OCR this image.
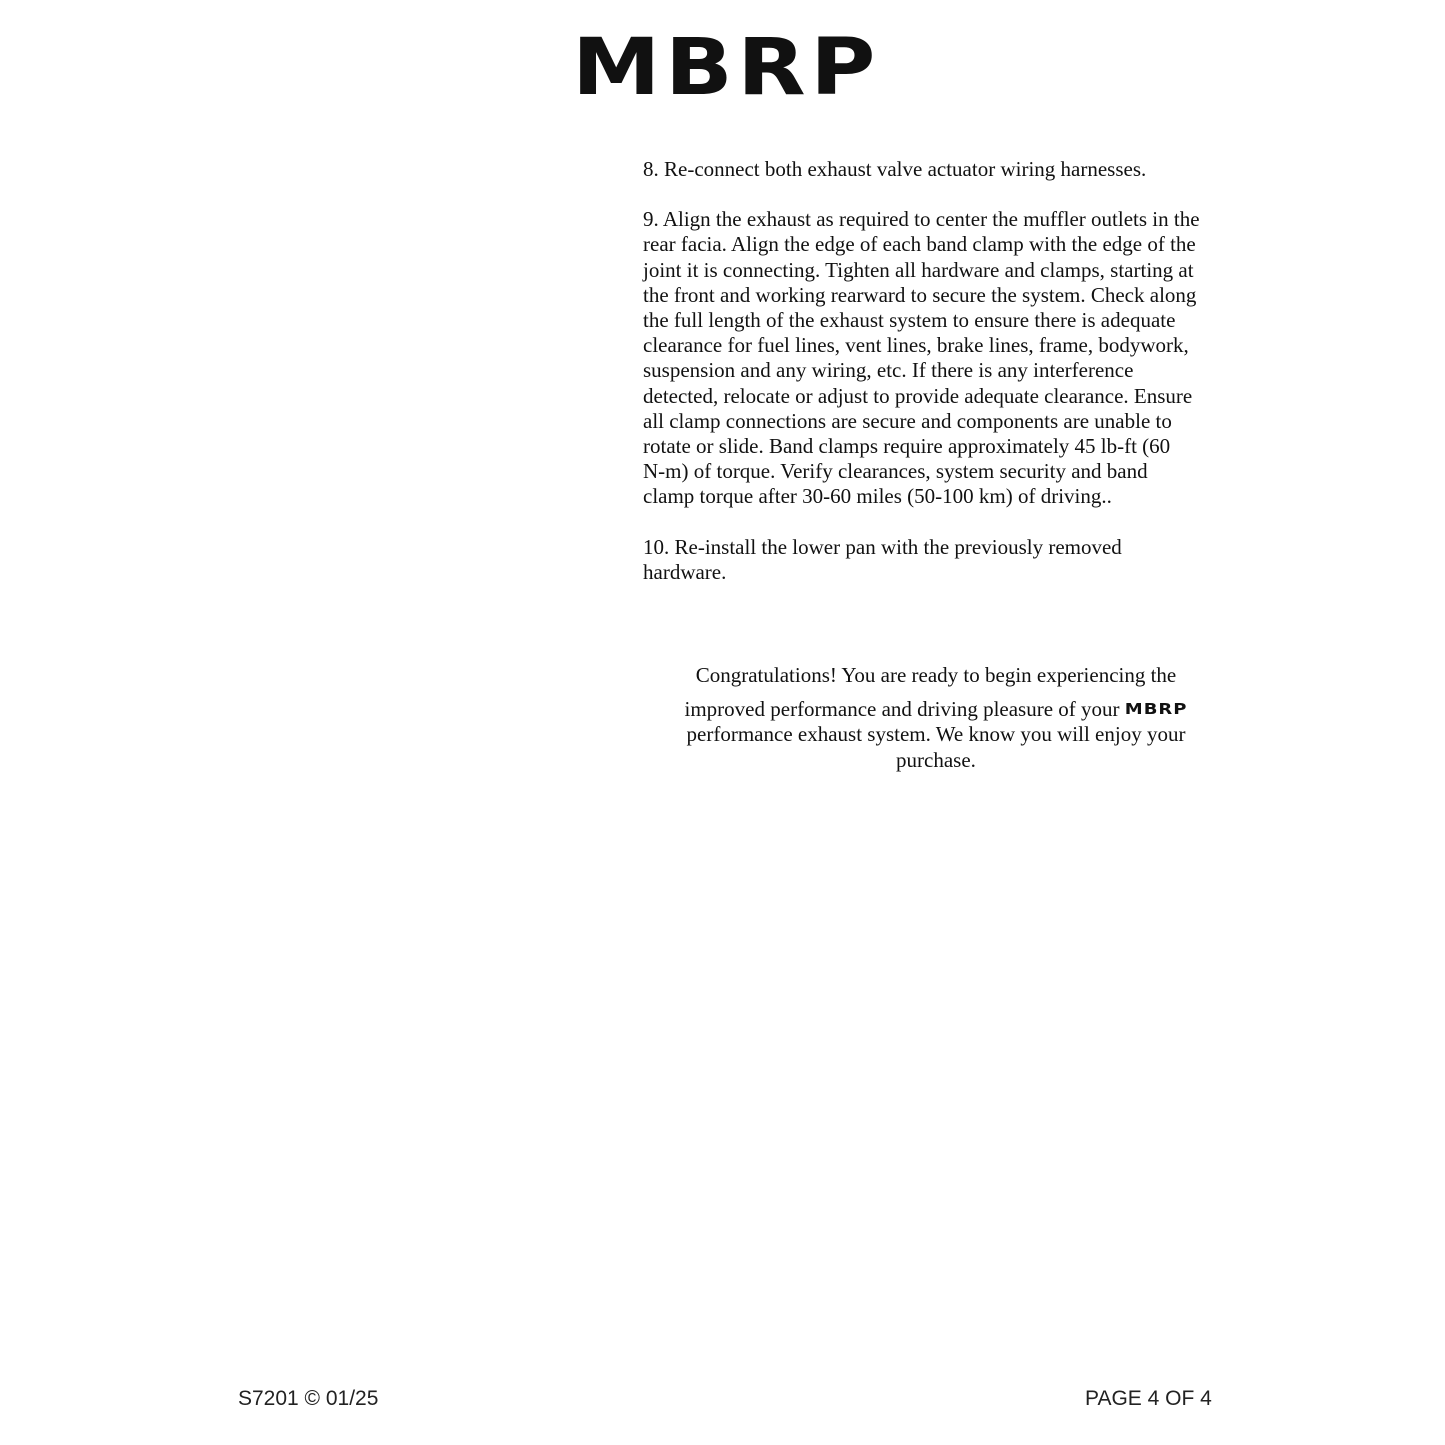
MBRP

8. Re-connect both exhaust valve actuator wiring harnesses.

9. Align the exhaust as required to center the muffler outlets in the
rear facia. Align the edge of each band clamp with the edge of the
joint it is connecting. Tighten all hardware and clamps, starting at
the front and working rearward to secure the system. Check along
the full length of the exhaust system to ensure there is adequate
clearance for fuel lines, vent lines, brake lines, frame, bodywork,
suspension and any wiring, etc. If there is any interference
detected, relocate or adjust to provide adequate clearance. Ensure
all clamp connections are secure and components are unable to
rotate or slide. Band clamps require approximately 45 lb-ft (60
N-m) of torque. Verify clearances, system security and band
clamp torque after 30-60 miles (50-100 km) of driving..

10. Re-install the lower pan with the previously removed
hardware.

Congratulations! You are ready to begin experiencing the
improved performance and driving pleasure of your MBRP
performance exhaust system. We know you will enjoy your
purchase.
S7201 © 01/25	PAGE 4 OF 4
